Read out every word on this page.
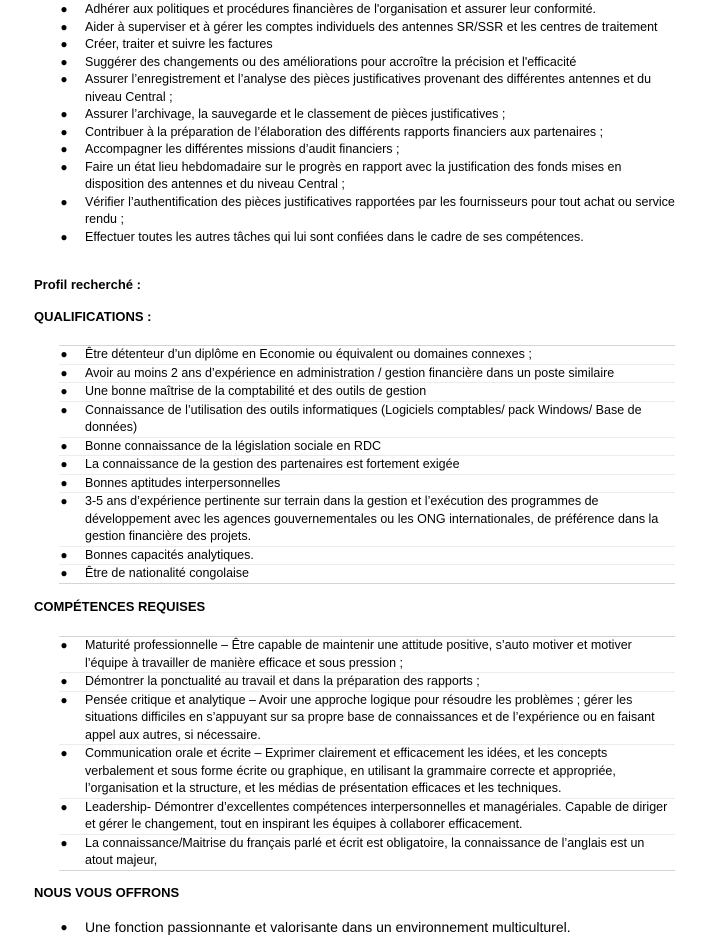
● Adhérer aux politiques et procédures financières de l'organisation et assurer leur conformité.
● Aider à superviser et à gérer les comptes individuels des antennes SR/SSR et les centres de traitement
● Créer, traiter et suivre les factures
● Suggérer des changements ou des améliorations pour accroître la précision et l'efficacité
● Assurer l’enregistrement et l’analyse des pièces justificatives provenant des différentes antennes et du niveau Central ;
● Assurer l’archivage, la sauvegarde et le classement de pièces justificatives ;
● Contribuer à la préparation de l’élaboration des différents rapports financiers aux partenaires ;
● Accompagner les différentes missions d’audit financiers ;
● Faire un état lieu hebdomadaire sur le progrès en rapport avec la justification des fonds mises en disposition des antennes et du niveau Central ;
● Vérifier l’authentification des pièces justificatives rapportées par les fournisseurs pour tout achat ou service rendu ;
● Effectuer toutes les autres tâches qui lui sont confiées dans le cadre de ses compétences.
Profil recherché :
QUALIFICATIONS :
● Être détenteur d’un diplôme en Economie ou équivalent ou domaines connexes ;
● Avoir au moins 2 ans d’expérience en administration / gestion financière dans un poste similaire
● Une bonne maîtrise de la comptabilité et des outils de gestion
● Connaissance de l’utilisation des outils informatiques (Logiciels comptables/ pack Windows/ Base de données)
● Bonne connaissance de la législation sociale en RDC
● La connaissance de la gestion des partenaires est fortement exigée
● Bonnes aptitudes interpersonnelles
● 3-5 ans d’expérience pertinente sur terrain dans la gestion et l’exécution des programmes de développement avec les agences gouvernementales ou les ONG internationales, de préférence dans la gestion financière des projets.
● Bonnes capacités analytiques.
● Être de nationalité congolaise
COMPÉTENCES REQUISES
● Maturité professionnelle – Être capable de maintenir une attitude positive, s’auto motiver et motiver l’équipe à travailler de manière efficace et sous pression ;
● Démontrer la ponctualité au travail et dans la préparation des rapports ;
● Pensée critique et analytique – Avoir une approche logique pour résoudre les problèmes ; gérer les situations difficiles en s’appuyant sur sa propre base de connaissances et de l’expérience ou en faisant appel aux autres, si nécessaire.
● Communication orale et écrite – Exprimer clairement et efficacement les idées, et les concepts verbalement et sous forme écrite ou graphique, en utilisant la grammaire correcte et appropriée, l’organisation et la structure, et les médias de présentation efficaces et les techniques.
● Leadership- Démontrer d’excellentes compétences interpersonnelles et managériales. Capable de diriger et gérer le changement, tout en inspirant les équipes à collaborer efficacement.
● La connaissance/Maitrise du français parlé et écrit est obligatoire, la connaissance de l’anglais est un atout majeur,
NOUS VOUS OFFRONS
● Une fonction passionnante et valorisante dans un environnement multiculturel.
